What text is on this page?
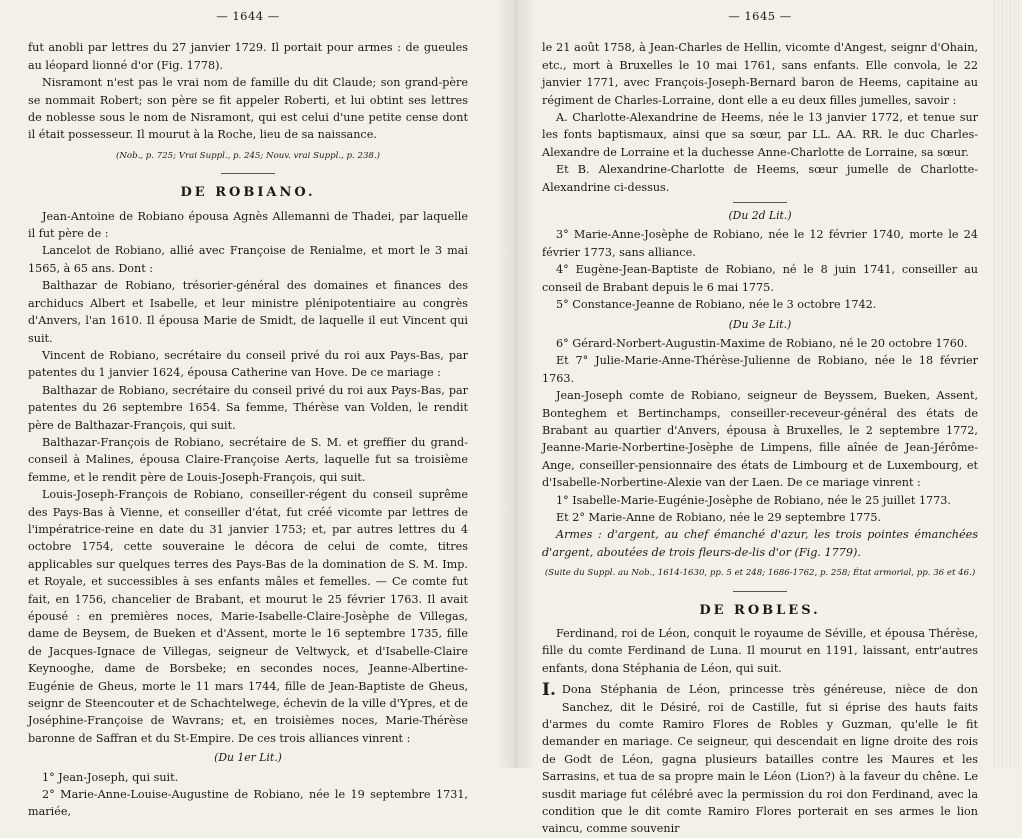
— 1644 —

fut anobli par lettres du 27 janvier 1729. Il portait pour armes : de gueules au léopard lionné d'or (Fig. 1778).

Nisramont n'est pas le vrai nom de famille du dit Claude; son grand-père se nommait Robert; son père se fit appeler Roberti, et lui obtint ses lettres de noblesse sous le nom de Nisramont, qui est celui d'une petite cense dont il était possesseur. Il mourut à la Roche, lieu de sa naissance.

(Nob., p. 725; Vrai Suppl., p. 245; Nouv. vrai Suppl., p. 238.)
DE ROBIANO.

Jean-Antoine de Robiano épousa Agnès Allemanni de Thadei, par laquelle il fut père de :

Lancelot de Robiano, allié avec Françoise de Renialme, et mort le 3 mai 1565, à 65 ans. Dont :

Balthazar de Robiano, trésorier-général des domaines et finances des archiducs Albert et Isabelle, et leur ministre plénipotentiaire au congrès d'Anvers, l'an 1610. Il épousa Marie de Smidt, de laquelle il eut Vincent qui suit.

Vincent de Robiano, secrétaire du conseil privé du roi aux Pays-Bas, par patentes du 1 janvier 1624, épousa Catherine van Hove. De ce mariage :

Balthazar de Robiano, secrétaire du conseil privé du roi aux Pays-Bas, par patentes du 26 septembre 1654. Sa femme, Thérèse van Volden, le rendit père de Balthazar-François, qui suit.

Balthazar-François de Robiano, secrétaire de S. M. et greffier du grand-conseil à Malines, épousa Claire-Françoise Aerts, laquelle fut sa troisième femme, et le rendit père de Louis-Joseph-François, qui suit.

Louis-Joseph-François de Robiano, conseiller-régent du conseil suprême des Pays-Bas à Vienne, et conseiller d'état, fut créé vicomte par lettres de l'impératrice-reine en date du 31 janvier 1753; et, par autres lettres du 4 octobre 1754, cette souveraine le décora de celui de comte, titres applicables sur quelques terres des Pays-Bas de la domination de S. M. Imp. et Royale, et successibles à ses enfants mâles et femelles. — Ce comte fut fait, en 1756, chancelier de Brabant, et mourut le 25 février 1763. Il avait épousé : en premières noces, Marie-Isabelle-Claire-Josèphe de Villegas, dame de Beysem, de Bueken et d'Assent, morte le 16 septembre 1735, fille de Jacques-Ignace de Villegas, seigneur de Veltwyck, et d'Isabelle-Claire Keynooghe, dame de Borsbeke; en secondes noces, Jeanne-Albertine-Eugénie de Gheus, morte le 11 mars 1744, fille de Jean-Baptiste de Gheus, seignr de Steencouter et de Schachtelwege, échevin de la ville d'Ypres, et de Joséphine-Françoise de Wavrans; et, en troisièmes noces, Marie-Thérèse baronne de Saffran et du St-Empire. De ces trois alliances vinrent :

(Du 1er Lit.)

1° Jean-Joseph, qui suit.

2° Marie-Anne-Louise-Augustine de Robiano, née le 19 septembre 1731, mariée,

— 1645 —

le 21 août 1758, à Jean-Charles de Hellin, vicomte d'Angest, seignr d'Ohain, etc., mort à Bruxelles le 10 mai 1761, sans enfants. Elle convola, le 22 janvier 1771, avec François-Joseph-Bernard baron de Heems, capitaine au régiment de Charles-Lorraine, dont elle a eu deux filles jumelles, savoir :

A. Charlotte-Alexandrine de Heems, née le 13 janvier 1772, et tenue sur les fonts baptismaux, ainsi que sa sœur, par LL. AA. RR. le duc Charles-Alexandre de Lorraine et la duchesse Anne-Charlotte de Lorraine, sa sœur.

Et B. Alexandrine-Charlotte de Heems, sœur jumelle de Charlotte-Alexandrine ci-dessus.

(Du 2d Lit.)

3° Marie-Anne-Josèphe de Robiano, née le 12 février 1740, morte le 24 février 1773, sans alliance.

4° Eugène-Jean-Baptiste de Robiano, né le 8 juin 1741, conseiller au conseil de Brabant depuis le 6 mai 1775.

5° Constance-Jeanne de Robiano, née le 3 octobre 1742.

(Du 3e Lit.)

6° Gérard-Norbert-Augustin-Maxime de Robiano, né le 20 octobre 1760.

Et 7° Julie-Marie-Anne-Thérèse-Julienne de Robiano, née le 18 février 1763.

Jean-Joseph comte de Robiano, seigneur de Beyssem, Bueken, Assent, Bonteghem et Bertinchamps, conseiller-receveur-général des états de Brabant au quartier d'Anvers, épousa à Bruxelles, le 2 septembre 1772, Jeanne-Marie-Norbertine-Josèphe de Limpens, fille aînée de Jean-Jérôme-Ange, conseiller-pensionnaire des états de Limbourg et de Luxembourg, et d'Isabelle-Norbertine-Alexie van der Laen. De ce mariage vinrent :

1° Isabelle-Marie-Eugénie-Josèphe de Robiano, née le 25 juillet 1773.

Et 2° Marie-Anne de Robiano, née le 29 septembre 1775.

Armes : d'argent, au chef émanché d'azur, les trois pointes émanchées d'argent, aboutées de trois fleurs-de-lis d'or (Fig. 1779).

(Suite du Suppl. au Nob., 1614-1630, pp. 5 et 248; 1686-1762, p. 258; État armorial, pp. 36 et 46.)
DE ROBLES.

Ferdinand, roi de Léon, conquit le royaume de Séville, et épousa Thérèse, fille du comte Ferdinand de Luna. Il mourut en 1191, laissant, entr'autres enfants, dona Stéphania de Léon, qui suit.

I. Dona Stéphania de Léon, princesse très généreuse, nièce de don Sanchez, dit le Désiré, roi de Castille, fut si éprise des hauts faits d'armes du comte Ramiro Flores de Robles y Guzman, qu'elle le fit demander en mariage. Ce seigneur, qui descendait en ligne droite des rois de Godt de Léon, gagna plusieurs batailles contre les Maures et les Sarrasins, et tua de sa propre main le Léon (Lion?) à la faveur du chêne. Le susdit mariage fut célébré avec la permission du roi don Ferdinand, avec la condition que le dit comte Ramiro Flores porterait en ses armes le lion vaincu, comme souvenir
